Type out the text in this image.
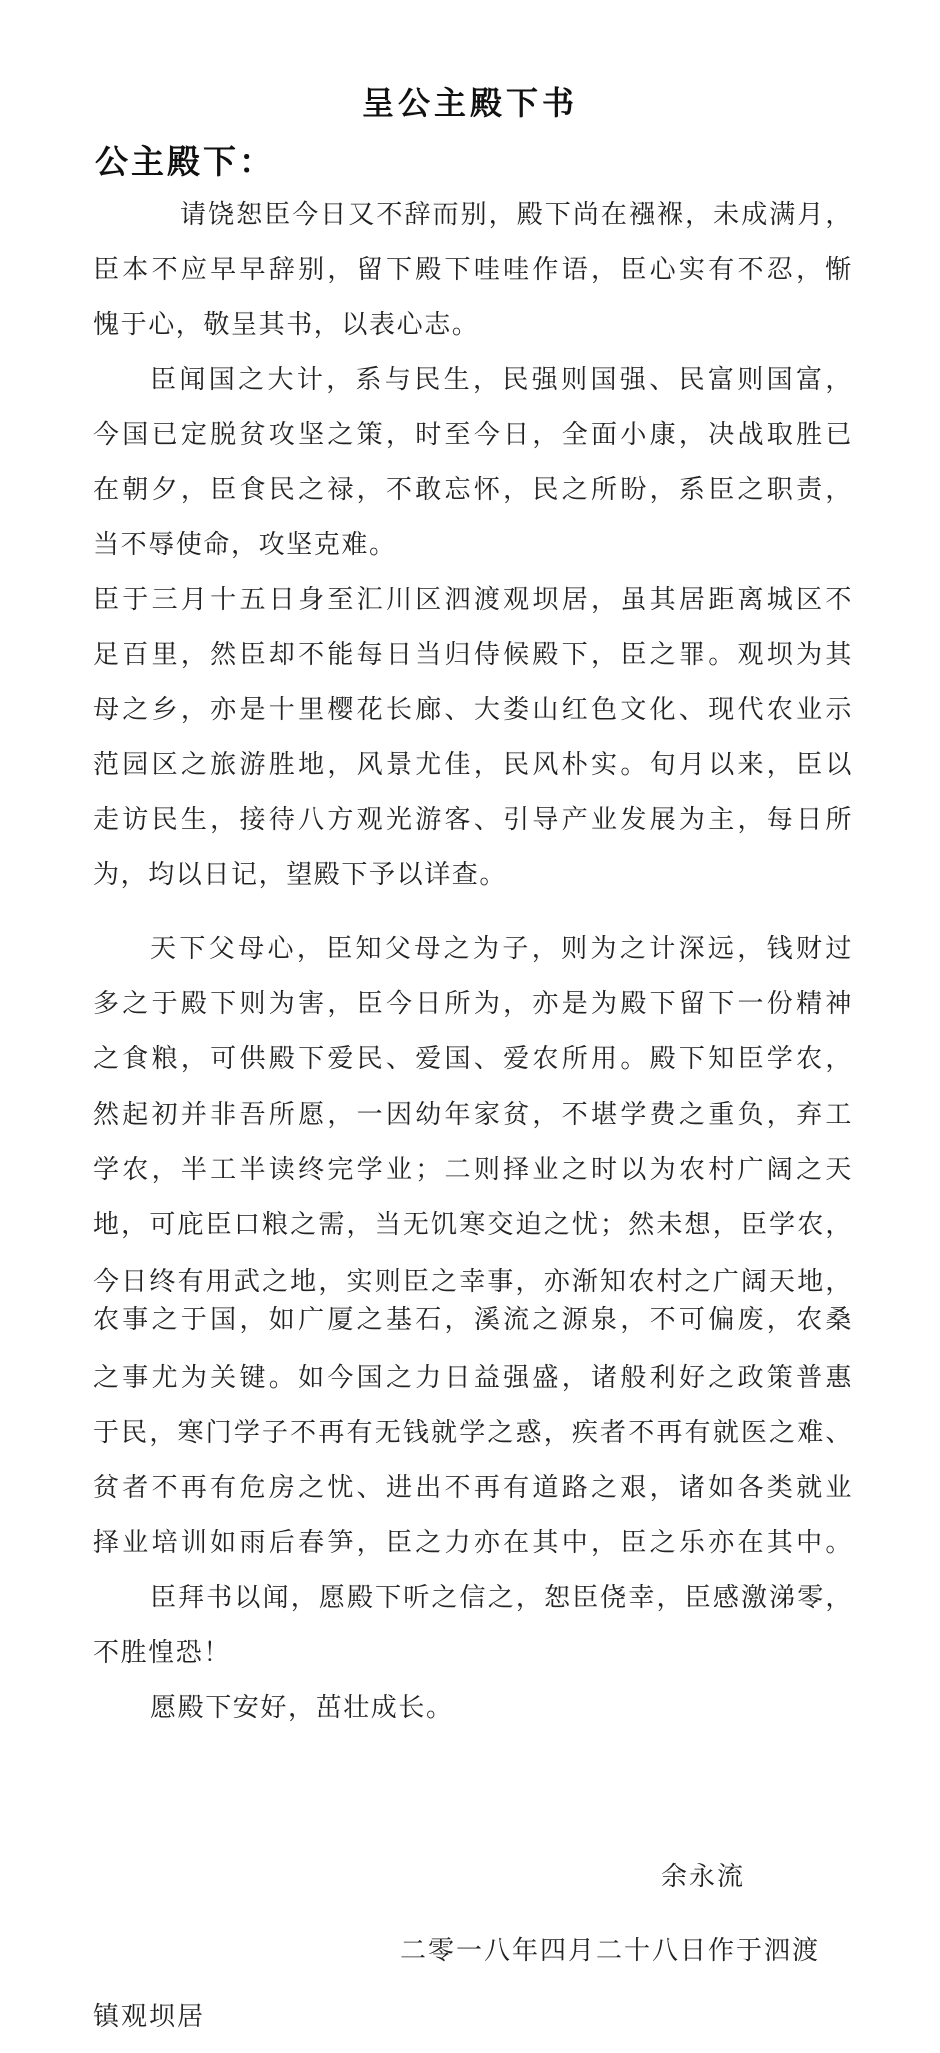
呈公主殿下书
公主殿下：
请饶恕臣今日又不辞而别，殿下尚在襁褓，未成满月，
臣本不应早早辞别，留下殿下哇哇作语，臣心实有不忍，惭
愧于心，敬呈其书，以表心志。
臣闻国之大计，系与民生，民强则国强、民富则国富，
今国已定脱贫攻坚之策，时至今日，全面小康，决战取胜已
在朝夕，臣食民之禄，不敢忘怀，民之所盼，系臣之职责，
当不辱使命，攻坚克难。
臣于三月十五日身至汇川区泗渡观坝居，虽其居距离城区不
足百里，然臣却不能每日当归侍候殿下，臣之罪。观坝为其
母之乡，亦是十里樱花长廊、大娄山红色文化、现代农业示
范园区之旅游胜地，风景尤佳，民风朴实。旬月以来，臣以
走访民生，接待八方观光游客、引导产业发展为主，每日所
为，均以日记，望殿下予以详查。
天下父母心，臣知父母之为子，则为之计深远，钱财过
多之于殿下则为害，臣今日所为，亦是为殿下留下一份精神
之食粮，可供殿下爱民、爱国、爱农所用。殿下知臣学农，
然起初并非吾所愿，一因幼年家贫，不堪学费之重负，弃工
学农，半工半读终完学业；二则择业之时以为农村广阔之天
地，可庇臣口粮之需，当无饥寒交迫之忧；然未想，臣学农，
今日终有用武之地，实则臣之幸事，亦渐知农村之广阔天地，
农事之于国，如广厦之基石，溪流之源泉，不可偏废，农桑
之事尤为关键。如今国之力日益强盛，诸般利好之政策普惠
于民，寒门学子不再有无钱就学之惑，疾者不再有就医之难、
贫者不再有危房之忧、进出不再有道路之艰，诸如各类就业
择业培训如雨后春笋，臣之力亦在其中，臣之乐亦在其中。
臣拜书以闻，愿殿下听之信之，恕臣侥幸，臣感激涕零，
不胜惶恐！
愿殿下安好，茁壮成长。
余永流
二零一八年四月二十八日作于泗渡
镇观坝居
